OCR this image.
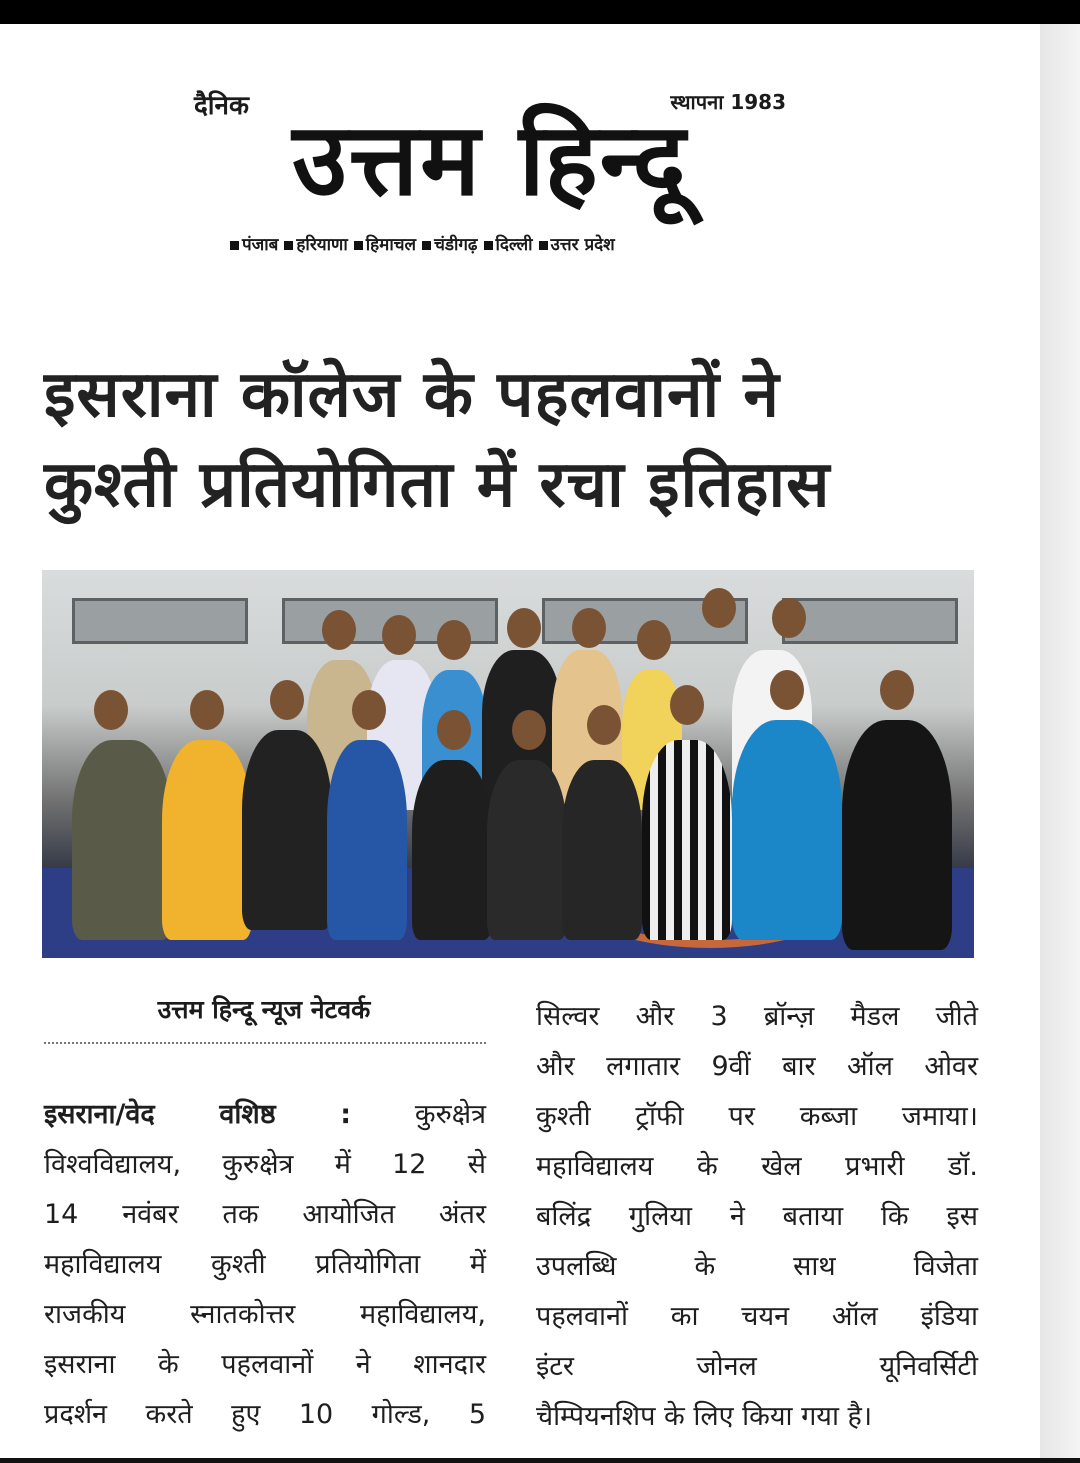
दैनिक	स्थापना 1983
उत्तम हिन्दू
पंजाब	हरियाणा	हिमाचल	चंडीगढ़	दिल्ली	उत्तर प्रदेश
इसराना कॉलेज के पहलवानों ने
कुश्ती प्रतियोगिता में रचा इतिहास
उत्तम हिन्दू न्यूज नेटवर्क
इसराना/वेद वशिष्ठ : कुरुक्षेत्र
विश्वविद्यालय, कुरुक्षेत्र में 12 से
14 नवंबर तक आयोजित अंतर
महाविद्यालय कुश्ती प्रतियोगिता में
राजकीय स्नातकोत्तर महाविद्यालय,
इसराना के पहलवानों ने शानदार
प्रदर्शन करते हुए 10 गोल्ड, 5
सिल्वर और 3 ब्रॉन्ज़ मैडल जीते
और लगातार 9वीं बार ऑल ओवर
कुश्ती ट्रॉफी पर कब्जा जमाया।
महाविद्यालय के खेल प्रभारी डॉ.
बलिंद्र गुलिया ने बताया कि इस
उपलब्धि के साथ विजेता
पहलवानों का चयन ऑल इंडिया
इंटर जोनल यूनिवर्सिटी
चैम्पियनशिप के लिए किया गया है।
